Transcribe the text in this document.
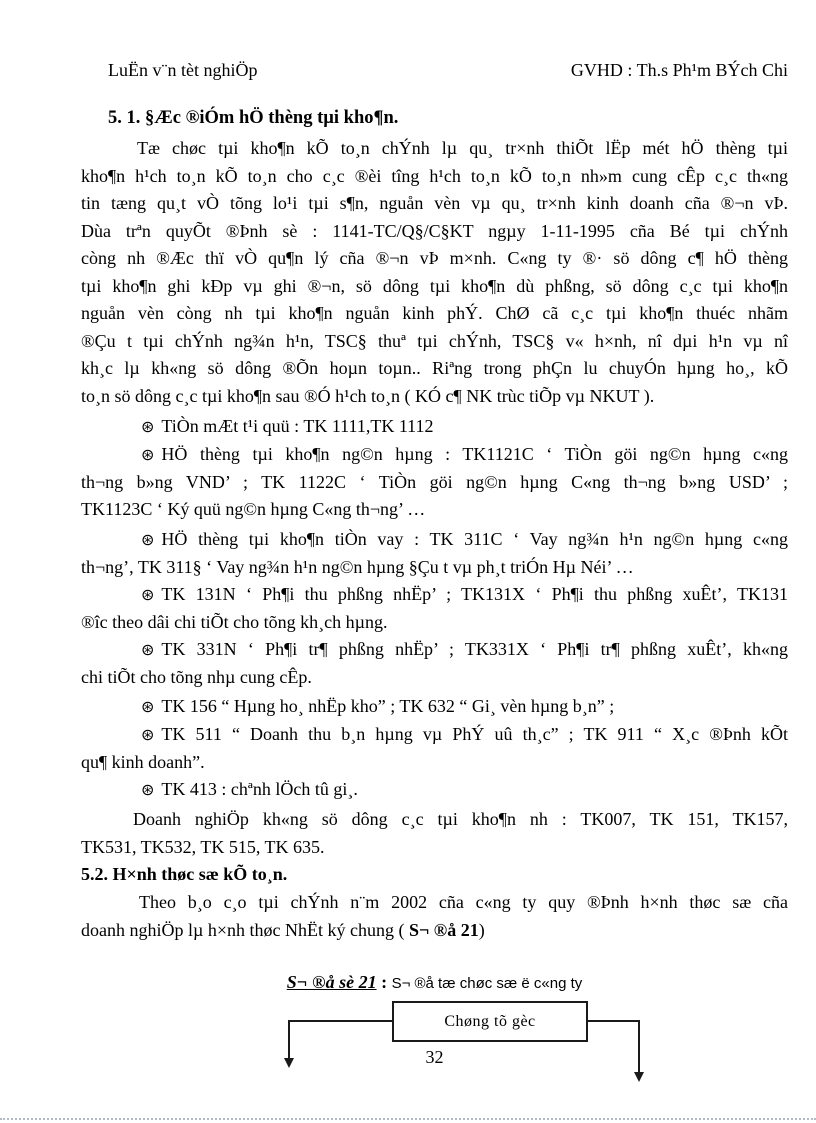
LuËn v¨n tèt nghiÖp	GVHD : Th.s Ph¹m BÝch Chi
5. 1. §Æc ®iÓm hÖ thèng tµi kho¶n.
Tæ chøc tµi kho¶n kÕ to¸n chÝnh lµ qu¸ tr×nh thiÕt lËp mét hÖ thèng tµi
kho¶n h¹ch to¸n kÕ to¸n cho c¸c ®èi tîng h¹ch to¸n kÕ to¸n nh»m cung cÊp c¸c th«ng
tin tæng qu¸t vÒ tõng lo¹i tµi s¶n, nguån vèn vµ qu¸ tr×nh kinh doanh cña ®¬n vÞ.
Dùa trªn quyÕt ®Þnh sè : 1141-TC/Q§/C§KT ngµy 1-11-1995 cña Bé tµi chÝnh
còng nh ®Æc thï vÒ qu¶n lý cña ®¬n vÞ m×nh. C«ng ty ®· sö dông c¶ hÖ thèng
tµi kho¶n ghi kÐp vµ ghi ®¬n, sö dông tµi kho¶n dù phßng, sö dông c¸c tµi kho¶n
nguån vèn còng nh tµi kho¶n nguån kinh phÝ. ChØ cã c¸c tµi kho¶n thuéc nhãm
®Çu t tµi chÝnh ng¾n h¹n, TSC§ thuª tµi chÝnh, TSC§ v« h×nh, nî dµi h¹n vµ nî
kh¸c lµ kh«ng sö dông ®Õn hoµn toµn.. Riªng trong phÇn lu chuyÓn hµng ho¸, kÕ
to¸n sö dông c¸c tµi kho¶n sau ®Ó h¹ch to¸n ( KÓ c¶ NK trùc tiÕp vµ NKUT ).
⊛ TiÒn mÆt t¹i quü : TK 1111,TK 1112
⊛ HÖ thèng tµi kho¶n ng©n hµng : TK1121C ‘ TiÒn göi ng©n hµng c«ng
th¬ng b»ng VND’ ; TK 1122C ‘ TiÒn göi ng©n hµng C«ng th¬ng b»ng USD’ ;
TK1123C ‘ Ký quü ng©n hµng C«ng th¬ng’ …
⊛ HÖ thèng tµi kho¶n tiÒn vay : TK 311C ‘ Vay ng¾n h¹n ng©n hµng c«ng
th¬ng’, TK 311§ ‘ Vay ng¾n h¹n ng©n hµng §Çu t vµ ph¸t triÓn Hµ Néi’ …
⊛ TK 131N ‘ Ph¶i thu phßng nhËp’ ; TK131X ‘ Ph¶i thu phßng xuÊt’, TK131
®îc theo dâi chi tiÕt cho tõng kh¸ch hµng.
⊛ TK 331N ‘ Ph¶i tr¶ phßng nhËp’ ; TK331X ‘ Ph¶i tr¶ phßng xuÊt’, kh«ng
chi tiÕt cho tõng nhµ cung cÊp.
⊛ TK 156 “ Hµng ho¸ nhËp kho” ; TK 632 “ Gi¸ vèn hµng b¸n” ;
⊛ TK 511 “ Doanh thu b¸n hµng vµ PhÝ uû th¸c” ; TK 911 “ X¸c ®Þnh kÕt
qu¶ kinh doanh”.
⊛ TK 413 : chªnh lÖch tû gi¸.
Doanh nghiÖp kh«ng sö dông c¸c tµi kho¶n nh : TK007, TK 151, TK157,
TK531, TK532, TK 515, TK 635.
5.2. H×nh thøc sæ kÕ to¸n.
Theo b¸o c¸o tµi chÝnh n¨m 2002 cña c«ng ty quy ®Þnh h×nh thøc sæ cña
doanh nghiÖp lµ h×nh thøc NhËt ký chung ( S¬ ®å 21)
S¬ ®å sè 21 : S¬ ®å tæ chøc sæ ë c«ng ty
Chøng tõ gèc
32
